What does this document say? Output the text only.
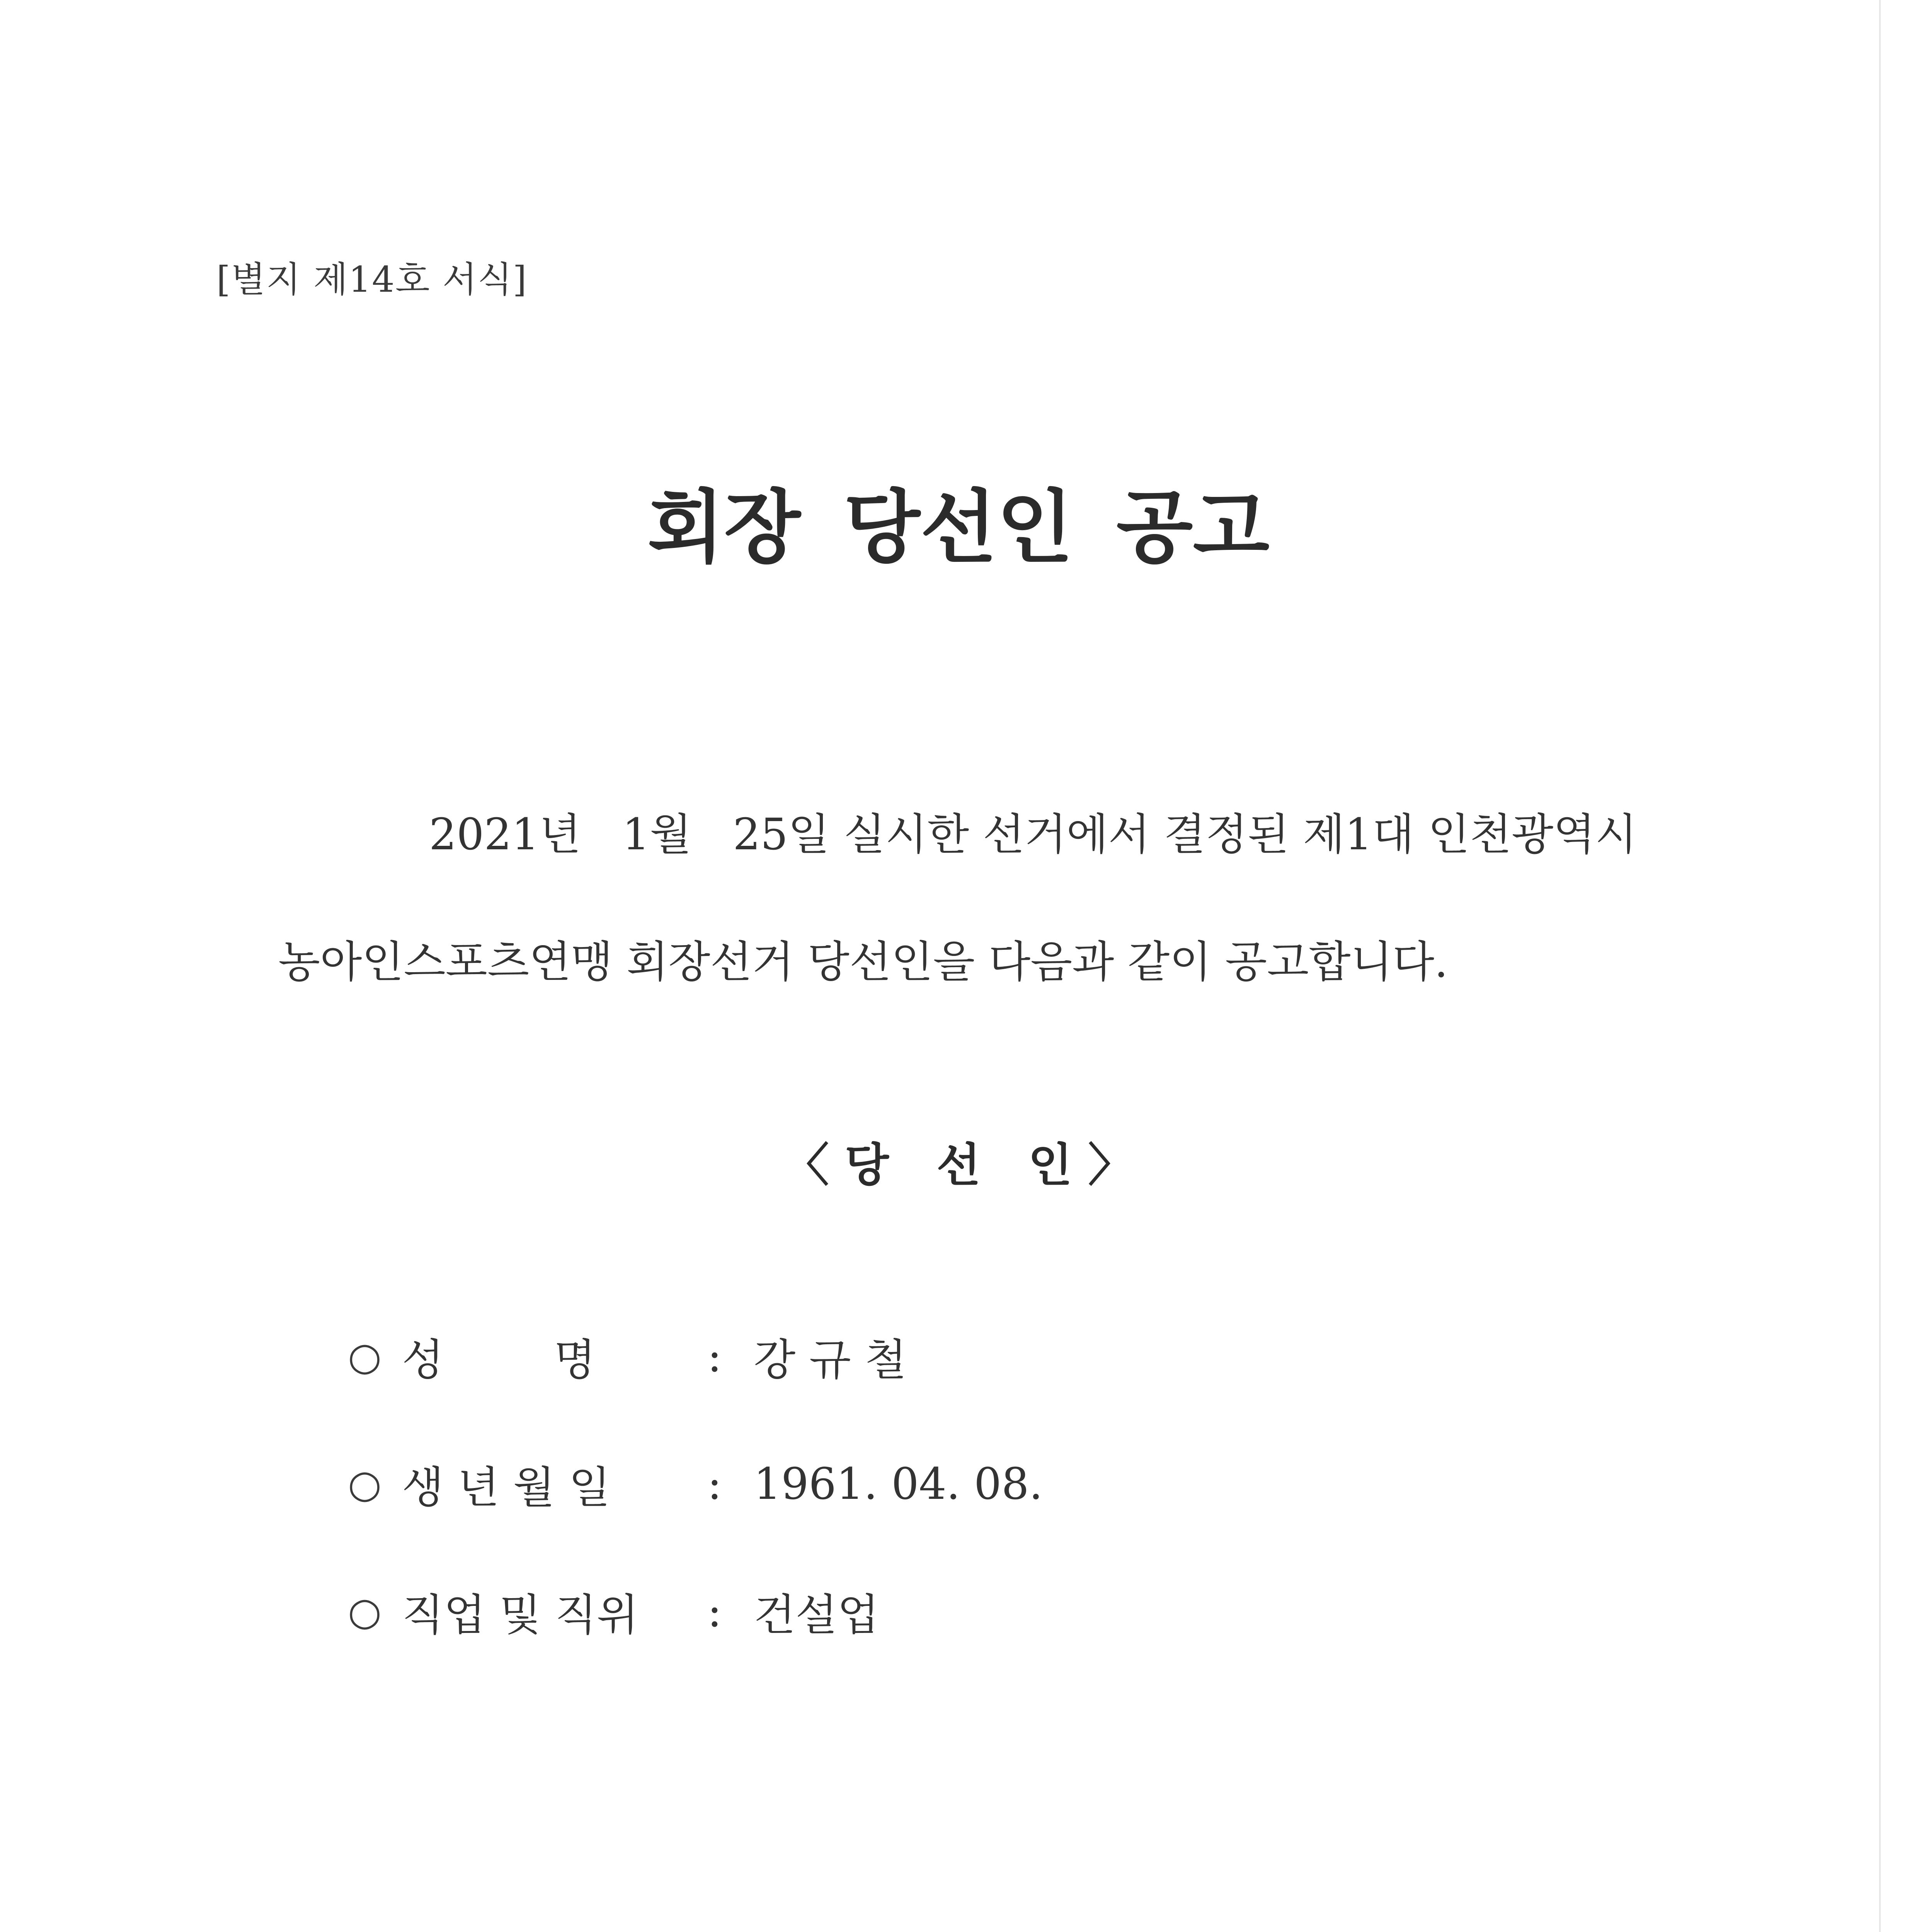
[별지 제14호 서식]
회장 당선인 공고
2021년   1월   25일 실시한 선거에서 결정된 제1대 인천광역시
농아인스포츠연맹 회장선거 당선인을 다음과 같이 공고합니다.
〈 당   선   인 〉
○ 성        명	: 강 규 철
○ 생 년 월 일	: 1961. 04. 08.
○ 직업 및 직위	: 건설업
